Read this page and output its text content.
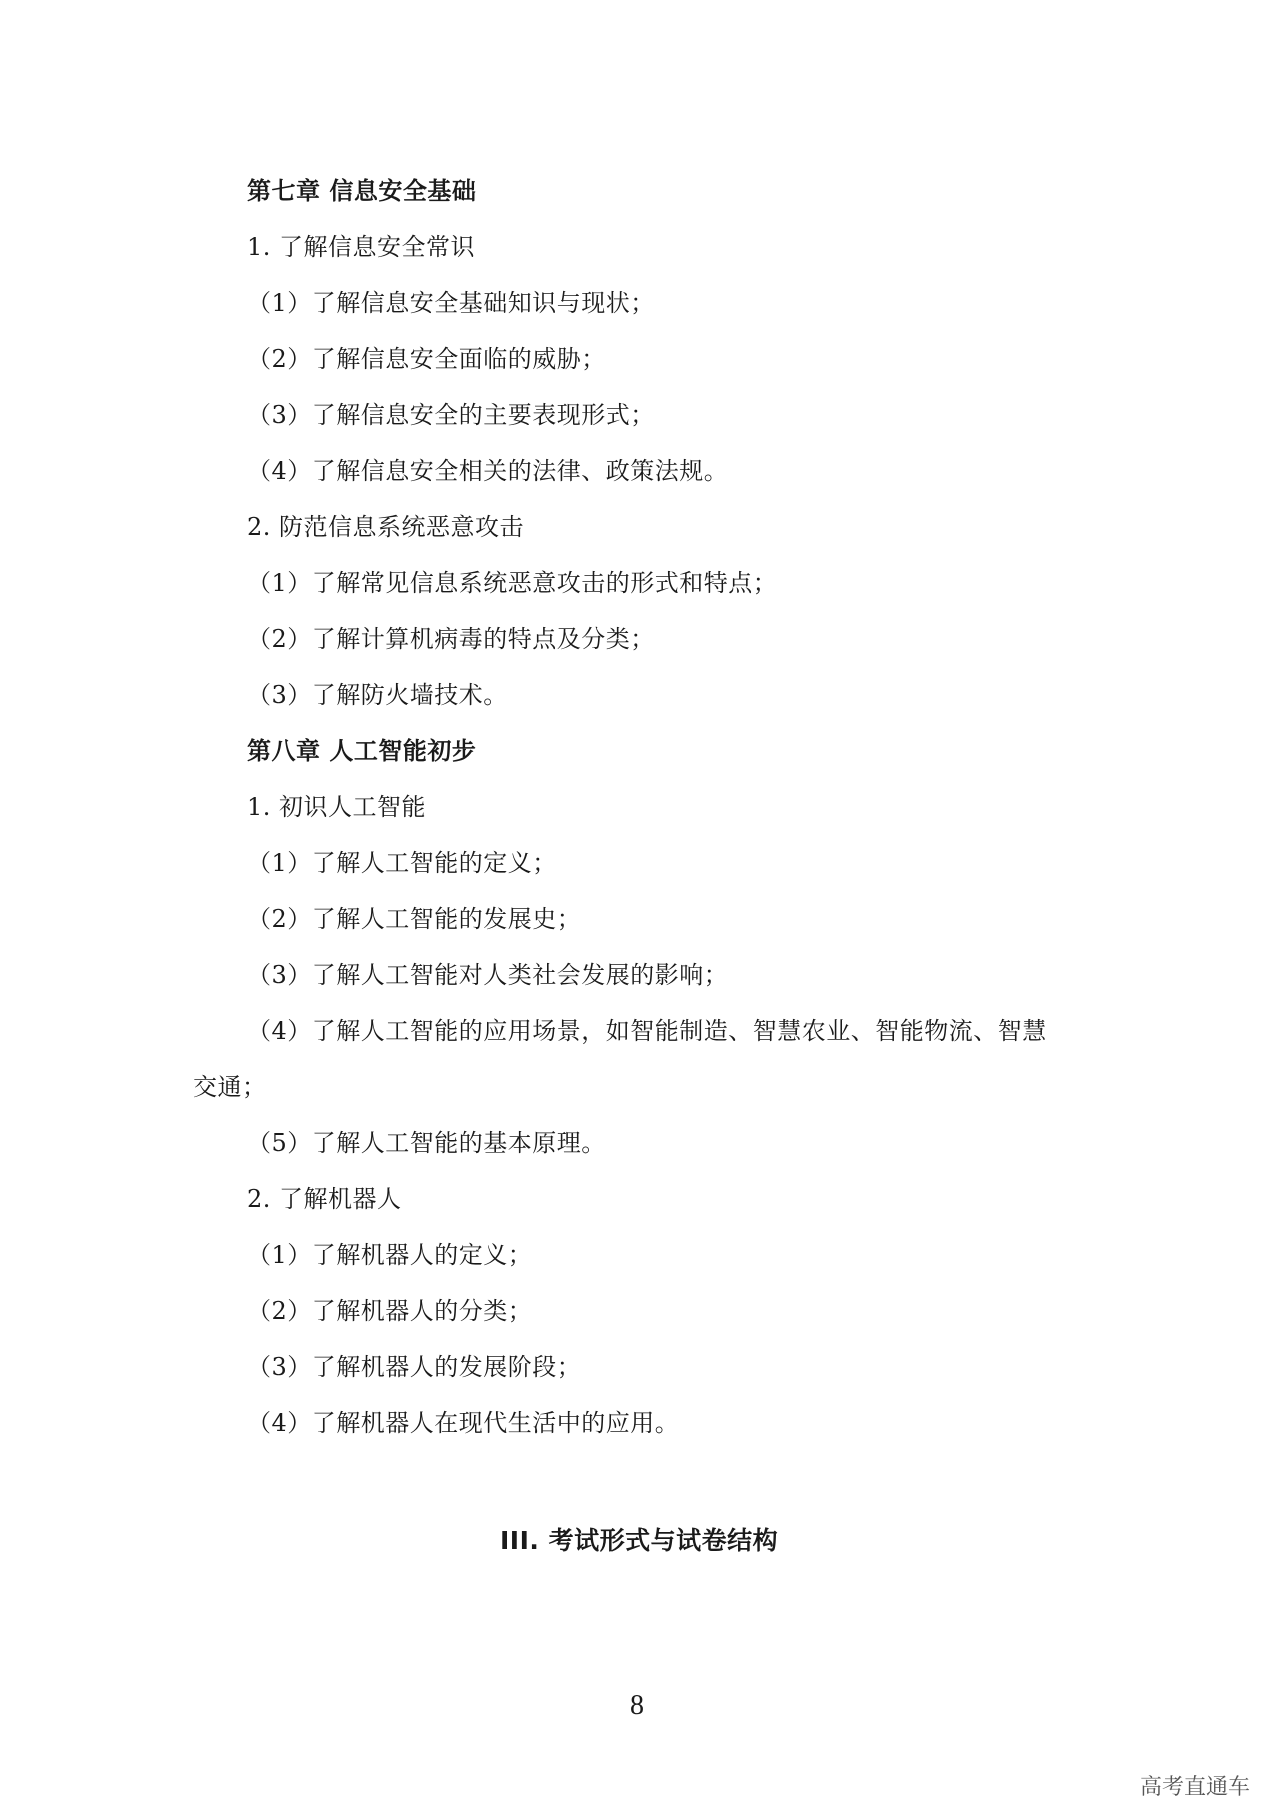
第七章 信息安全基础
1. 了解信息安全常识
（1）了解信息安全基础知识与现状；
（2）了解信息安全面临的威胁；
（3）了解信息安全的主要表现形式；
（4）了解信息安全相关的法律、政策法规。
2. 防范信息系统恶意攻击
（1）了解常见信息系统恶意攻击的形式和特点；
（2）了解计算机病毒的特点及分类；
（3）了解防火墙技术。
第八章 人工智能初步
1. 初识人工智能
（1）了解人工智能的定义；
（2）了解人工智能的发展史；
（3）了解人工智能对人类社会发展的影响；
（4）了解人工智能的应用场景，如智能制造、智慧农业、智能物流、智慧
交通；
（5）了解人工智能的基本原理。
2. 了解机器人
（1）了解机器人的定义；
（2）了解机器人的分类；
（3）了解机器人的发展阶段；
（4）了解机器人在现代生活中的应用。
III. 考试形式与试卷结构
8
高考直通车
